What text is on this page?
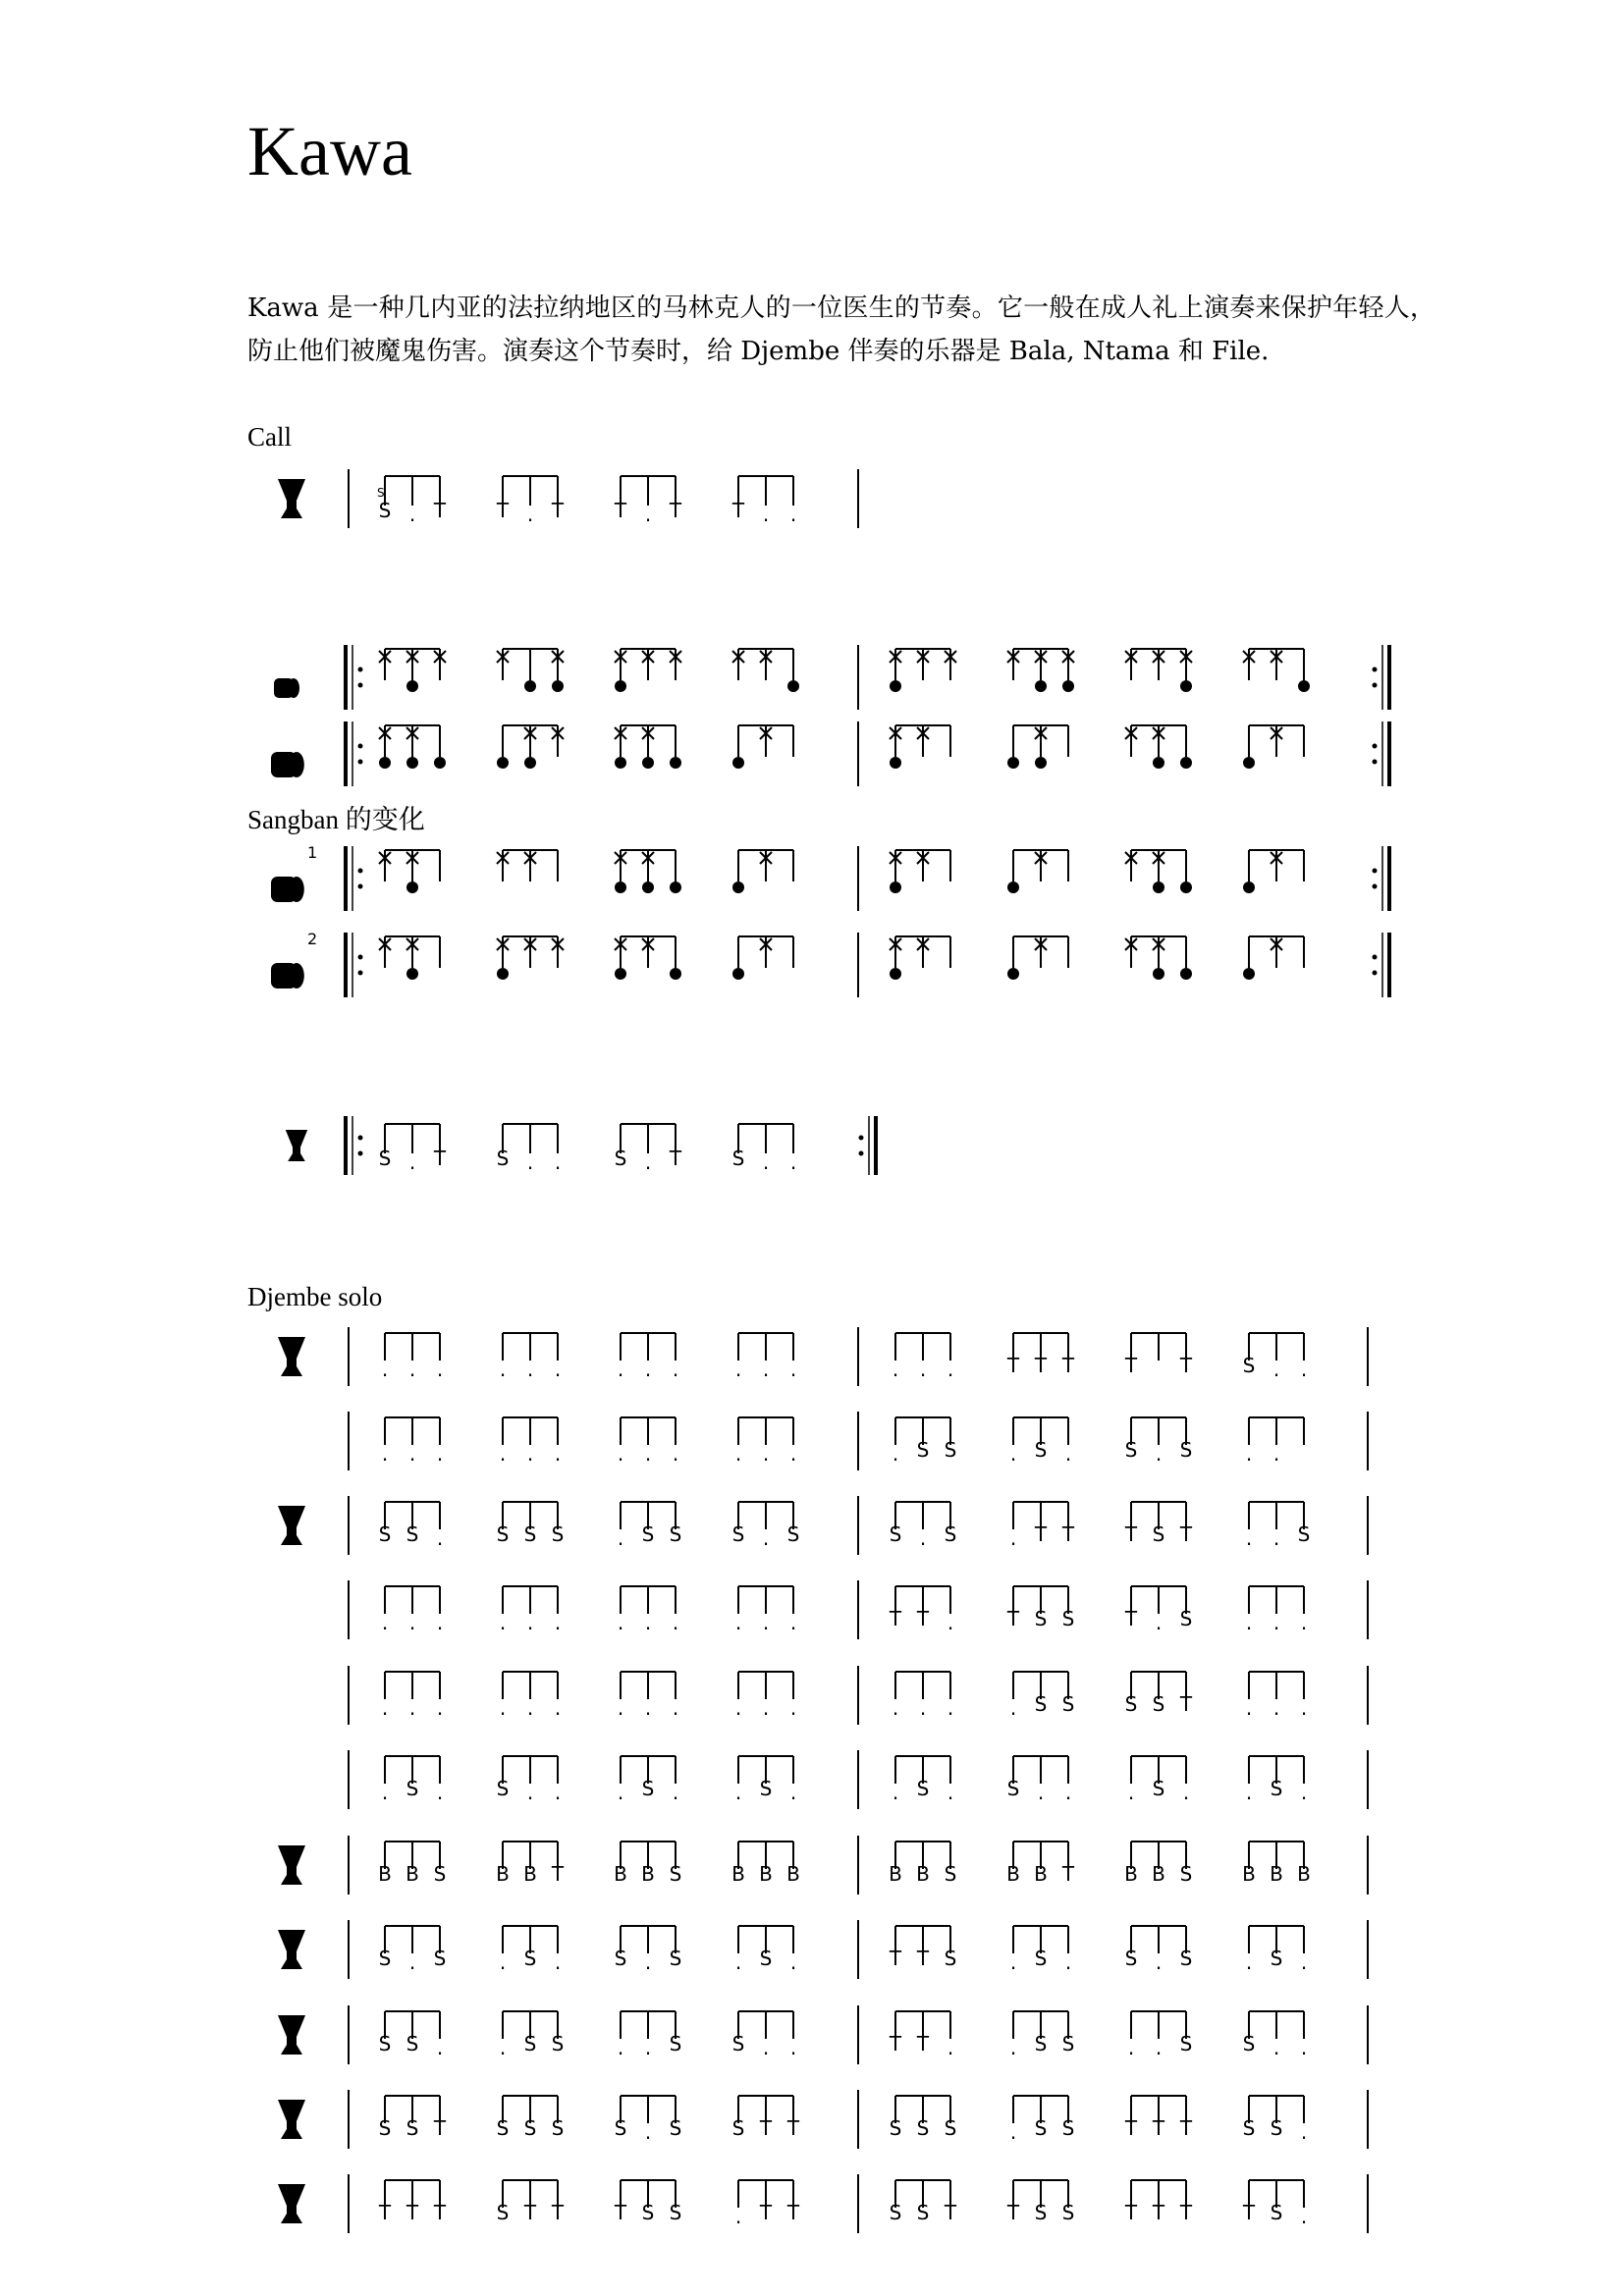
Kawa
Kawa 是一种几内亚的法拉纳地区的马林克人的一位医生的节奏。它一般在成人礼上演奏来保护年轻人，防止他们被魔鬼伤害。演奏这个节奏时，给 Djembe 伴奏的乐器是 Bala, Ntama 和 File.
Call
Sangban 的变化
Djembe solo
S . T	T . T	T . T	T . .
S
1
2
S . T	S . .	S . T	S . .
. . .	. . .	. . .	. . .	. . .	T T T	T T	S . .
. . .	. . .	. . .	. . .	. S S	. S .	S . S	. .
S S .	S S S	. S S	S . S	S . S	. T T	T S T	. . S
. . .	. . .	. . .	. . .	T T .	T S S	T . S	. . .
. . .	. . .	. . .	. . .	. . .	. S S	S S T	. . .
. S .	S . .	. S .	. S .	. S .	S . .	. S .	. S .
B B S	B B T	B B S	B B B	B B S	B B T	B B S	B B B
S . S	. S .	S . S	. S .	T T S	. S .	S . S	. S .
S S .	. S S	. . S	S . .	T T .	. S S	. . S	S . .
S S T	S S S	S . S	S T T	S S S	. S S	T T T	S S .
T T T	S T T	T S S	. T T	S S T	T S S	T T T	T S .
